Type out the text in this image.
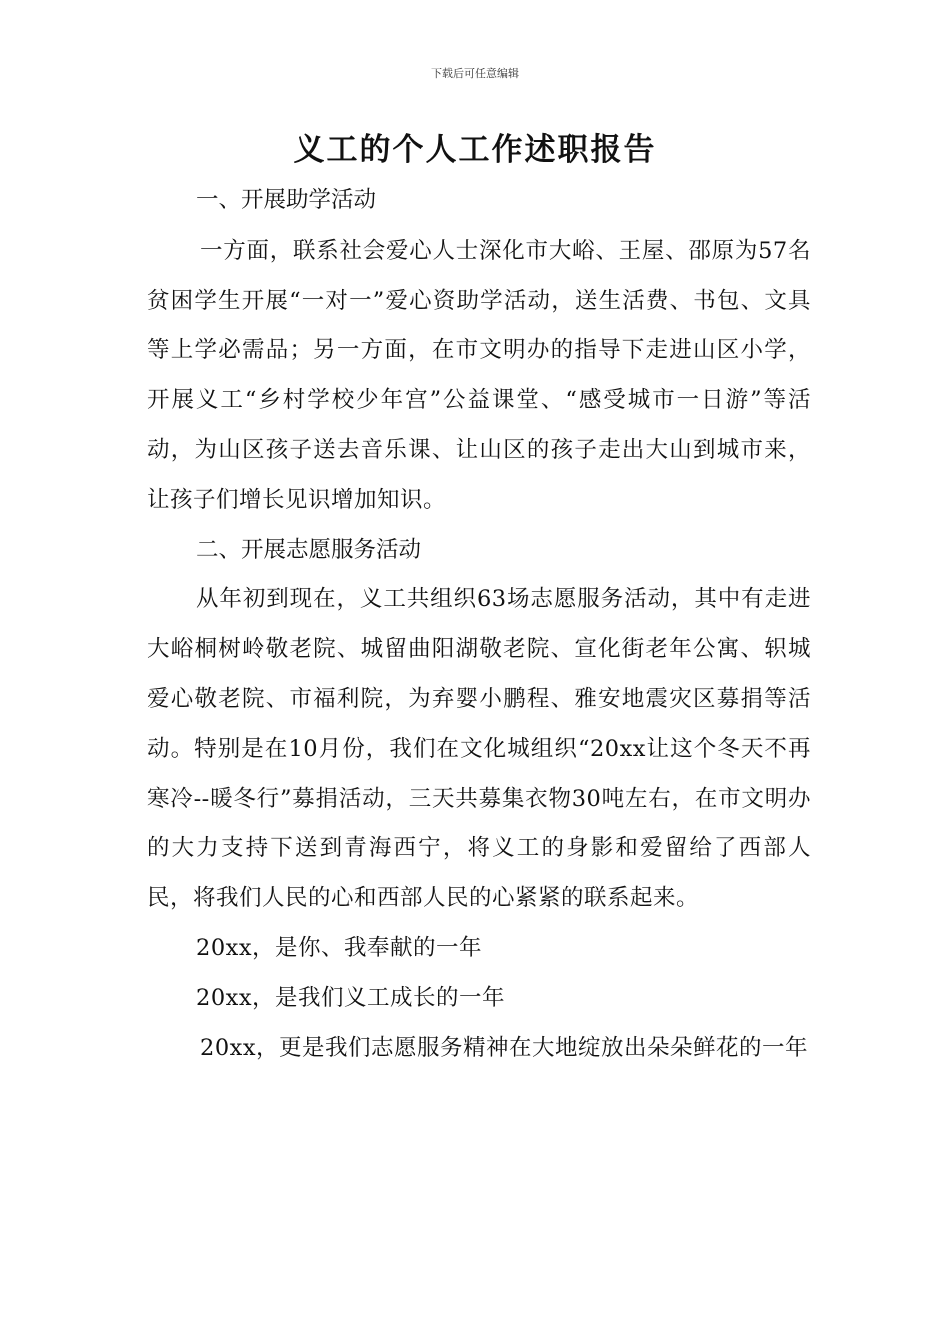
下载后可任意编辑
义工的个人工作述职报告

一、开展助学活动

一方面，联系社会爱心人士深化市大峪、王屋、邵原为57名贫困学生开展“一对一”爱心资助学活动，送生活费、书包、文具等上学必需品；另一方面，在市文明办的指导下走进山区小学，开展义工“乡村学校少年宫”公益课堂、“感受城市一日游”等活动，为山区孩子送去音乐课、让山区的孩子走出大山到城市来，让孩子们增长见识增加知识。

二、开展志愿服务活动

从年初到现在，义工共组织63场志愿服务活动，其中有走进大峪桐树岭敬老院、城留曲阳湖敬老院、宣化街老年公寓、轵城爱心敬老院、市福利院，为弃婴小鹏程、雅安地震灾区募捐等活动。特别是在10月份，我们在文化城组织“20xx让这个冬天不再寒冷--暖冬行”募捐活动，三天共募集衣物30吨左右，在市文明办的大力支持下送到青海西宁，将义工的身影和爱留给了西部人民，将我们人民的心和西部人民的心紧紧的联系起来。

20xx，是你、我奉献的一年

20xx，是我们义工成长的一年

20xx，更是我们志愿服务精神在大地绽放出朵朵鲜花的一年
